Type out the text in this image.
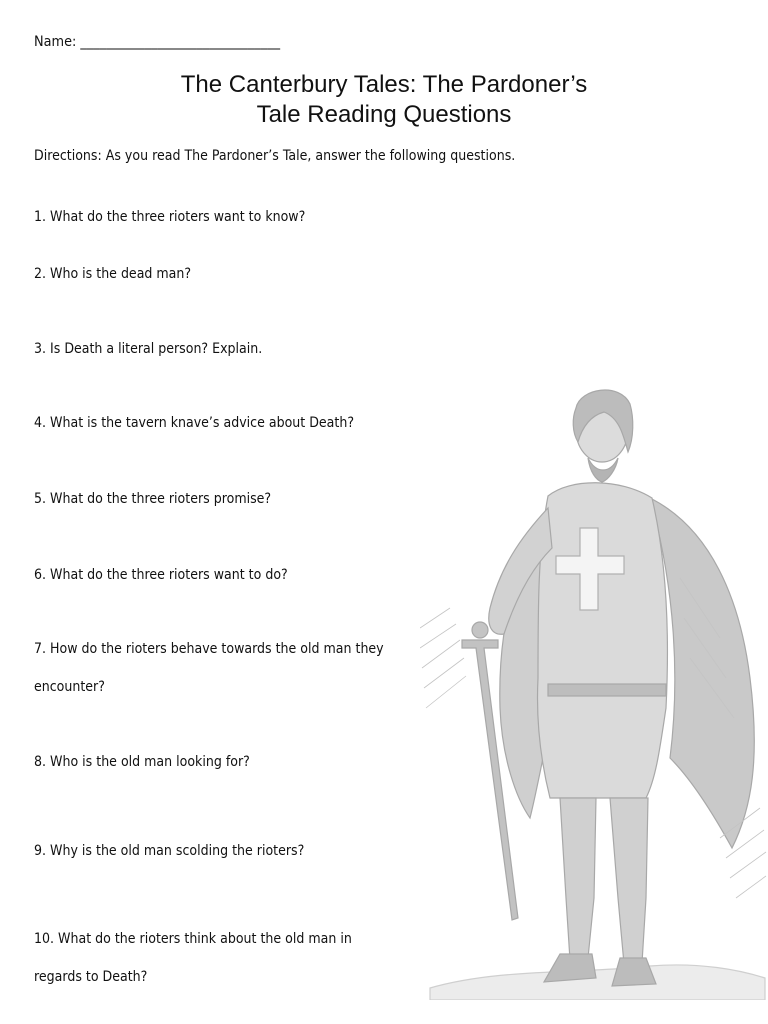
Name: _______________________________
The Canterbury Tales: The Pardoner’s
Tale Reading Questions
Directions: As you read The Pardoner’s Tale, answer the following questions.
1. What do the three rioters want to know?
2. Who is the dead man?
3. Is Death a literal person? Explain.
4. What is the tavern knave’s advice about Death?
5. What do the three rioters promise?
6. What do the three rioters want to do?
7. How do the rioters behave towards the old man they
encounter?
8. Who is the old man looking for?
9. Why is the old man scolding the rioters?
10. What do the rioters think about the old man in
regards to Death?
